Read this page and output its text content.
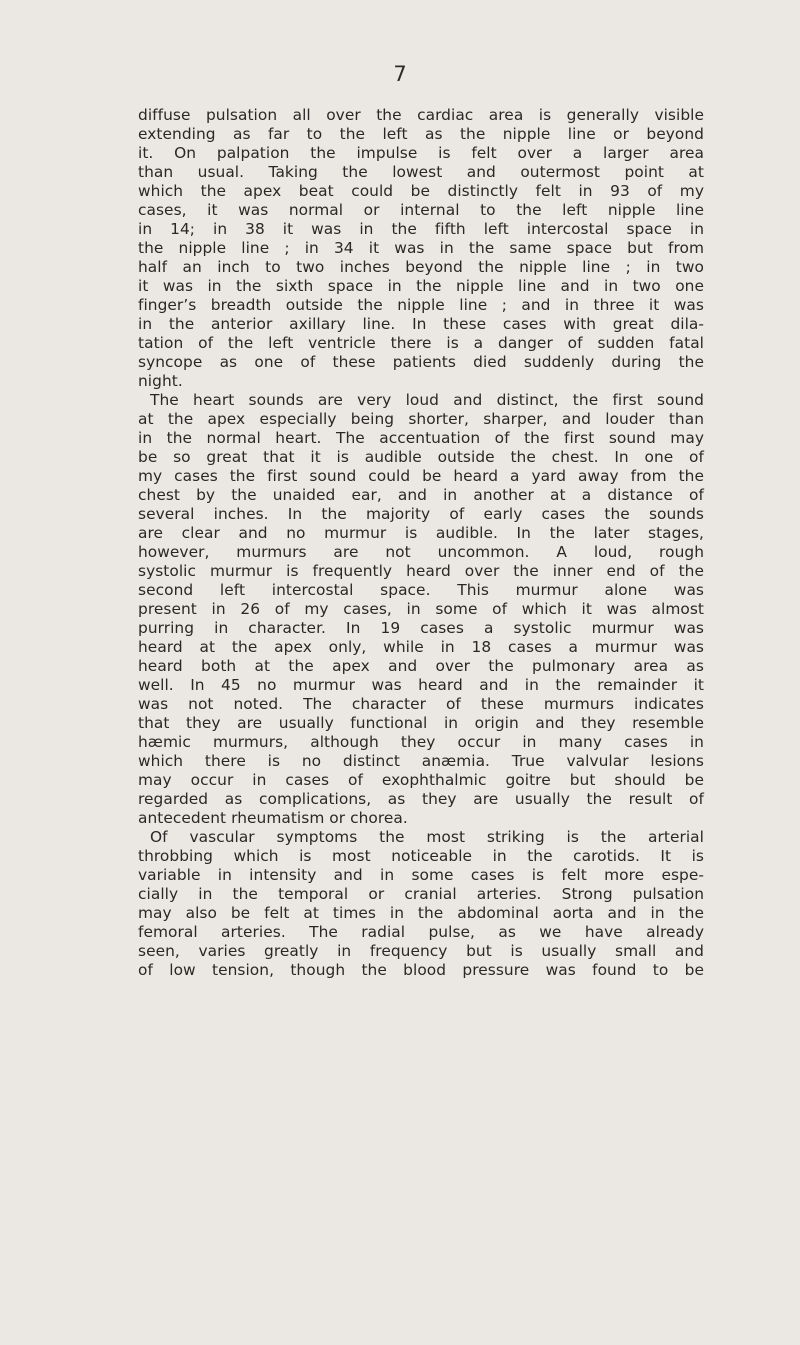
7
diffuse pulsation all over the cardiac area is generally visible
extending as far to the left as the nipple line or beyond
it. On palpation the impulse is felt over a larger area
than usual. Taking the lowest and outermost point at
which the apex beat could be distinctly felt in 93 of my
cases, it was normal or internal to the left nipple line
in 14; in 38 it was in the fifth left intercostal space in
the nipple line ; in 34 it was in the same space but from
half an inch to two inches beyond the nipple line ; in two
it was in the sixth space in the nipple line and in two one
finger’s breadth outside the nipple line ; and in three it was
in the anterior axillary line. In these cases with great dila-
tation of the left ventricle there is a danger of sudden fatal
syncope as one of these patients died suddenly during the
night.
The heart sounds are very loud and distinct, the first sound
at the apex especially being shorter, sharper, and louder than
in the normal heart. The accentuation of the first sound may
be so great that it is audible outside the chest. In one of
my cases the first sound could be heard a yard away from the
chest by the unaided ear, and in another at a distance of
several inches. In the majority of early cases the sounds
are clear and no murmur is audible. In the later stages,
however, murmurs are not uncommon. A loud, rough
systolic murmur is frequently heard over the inner end of the
second left intercostal space. This murmur alone was
present in 26 of my cases, in some of which it was almost
purring in character. In 19 cases a systolic murmur was
heard at the apex only, while in 18 cases a murmur was
heard both at the apex and over the pulmonary area as
well. In 45 no murmur was heard and in the remainder it
was not noted. The character of these murmurs indicates
that they are usually functional in origin and they resemble
hæmic murmurs, although they occur in many cases in
which there is no distinct anæmia. True valvular lesions
may occur in cases of exophthalmic goitre but should be
regarded as complications, as they are usually the result of
antecedent rheumatism or chorea.
Of vascular symptoms the most striking is the arterial
throbbing which is most noticeable in the carotids. It is
variable in intensity and in some cases is felt more espe-
cially in the temporal or cranial arteries. Strong pulsation
may also be felt at times in the abdominal aorta and in the
femoral arteries. The radial pulse, as we have already
seen, varies greatly in frequency but is usually small and
of low tension, though the blood pressure was found to be
